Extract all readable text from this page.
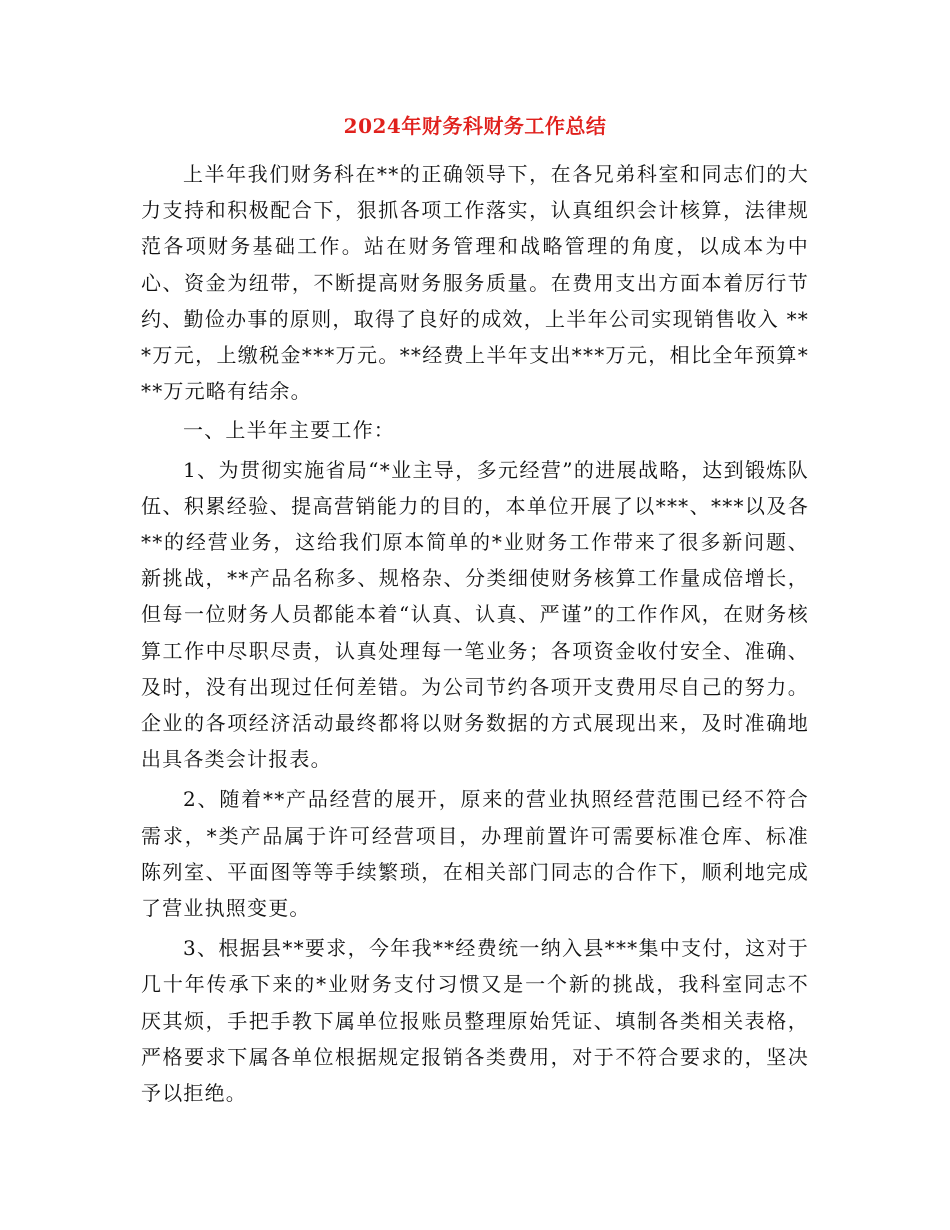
2024年财务科财务工作总结

上半年我们财务科在**的正确领导下，在各兄弟科室和同志们的大力支持和积极配合下，狠抓各项工作落实，认真组织会计核算，法律规范各项财务基础工作。站在财务管理和战略管理的角度，以成本为中心、资金为纽带，不断提高财务服务质量。在费用支出方面本着厉行节约、勤俭办事的原则，取得了良好的成效，上半年公司实现销售收入 ***万元，上缴税金***万元。**经费上半年支出***万元，相比全年预算***万元略有结余。

一、上半年主要工作：

1、为贯彻实施省局“*业主导，多元经营”的进展战略，达到锻炼队伍、积累经验、提高营销能力的目的，本单位开展了以***、***以及各**的经营业务，这给我们原本简单的*业财务工作带来了很多新问题、新挑战，**产品名称多、规格杂、分类细使财务核算工作量成倍增长，但每一位财务人员都能本着“认真、认真、严谨”的工作作风，在财务核算工作中尽职尽责，认真处理每一笔业务；各项资金收付安全、准确、及时，没有出现过任何差错。为公司节约各项开支费用尽自己的努力。企业的各项经济活动最终都将以财务数据的方式展现出来，及时准确地出具各类会计报表。

2、随着**产品经营的展开，原来的营业执照经营范围已经不符合需求，*类产品属于许可经营项目，办理前置许可需要标准仓库、标准陈列室、平面图等等手续繁琐，在相关部门同志的合作下，顺利地完成了营业执照变更。

3、根据县**要求，今年我**经费统一纳入县***集中支付，这对于几十年传承下来的*业财务支付习惯又是一个新的挑战，我科室同志不厌其烦，手把手教下属单位报账员整理原始凭证、填制各类相关表格，严格要求下属各单位根据规定报销各类费用，对于不符合要求的，坚决予以拒绝。
